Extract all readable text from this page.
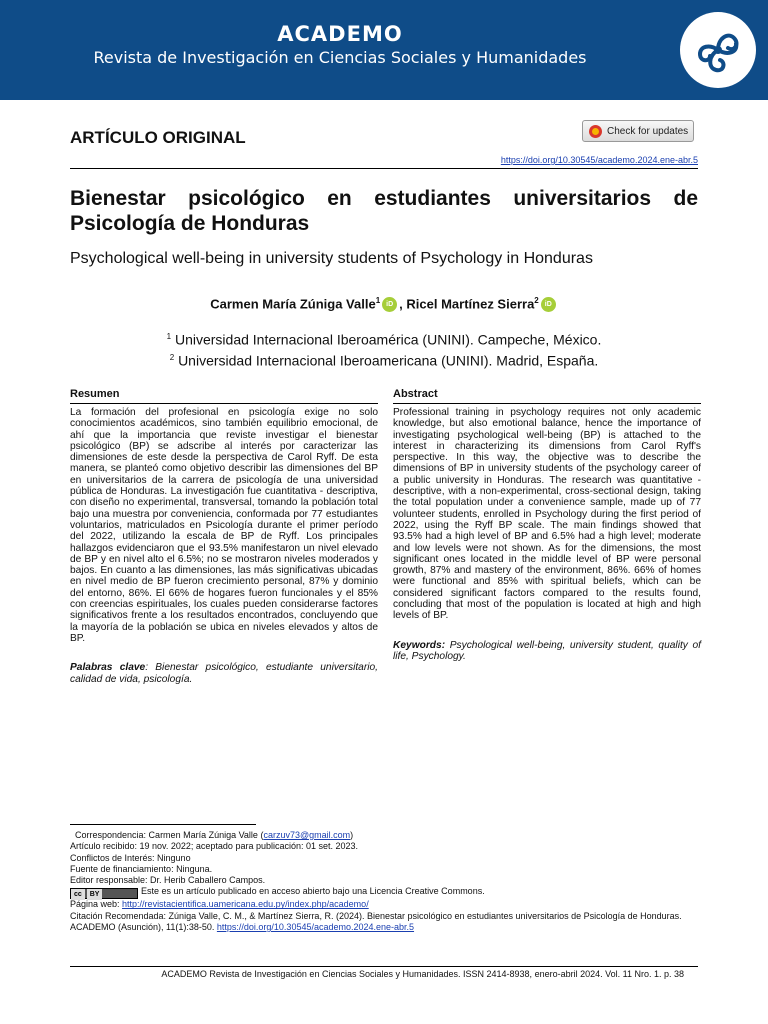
ACADEMO
Revista de Investigación en Ciencias Sociales y Humanidades
ARTÍCULO ORIGINAL	Check for updates
https://doi.org/10.30545/academo.2024.ene-abr.5
Bienestar psicológico en estudiantes universitarios de Psicología de Honduras
Psychological well-being in university students of Psychology in Honduras
Carmen María Zúniga Valle$^1$ iD , Ricel Martínez Sierra$^2$ iD
$^1$ Universidad Internacional Iberoamérica (UNINI). Campeche, México.
$^2$ Universidad Internacional Iberoamericana (UNINI). Madrid, España.
Resumen

La formación del profesional en psicología exige no solo conocimientos académicos, sino también equilibrio emocional, de ahí que la importancia que reviste investigar el bienestar psicológico (BP) se adscribe al interés por caracterizar las dimensiones de este desde la perspectiva de Carol Ryff. De esta manera, se planteó como objetivo describir las dimensiones del BP en universitarios de la carrera de psicología de una universidad pública de Honduras. La investigación fue cuantitativa - descriptiva, con diseño no experimental, transversal, tomando la población total bajo una muestra por conveniencia, conformada por 77 estudiantes voluntarios, matriculados en Psicología durante el primer período del 2022, utilizando la escala de BP de Ryff. Los principales hallazgos evidenciaron que el 93.5% manifestaron un nivel elevado de BP y en nivel alto el 6.5%; no se mostraron niveles moderados y bajos. En cuanto a las dimensiones, las más significativas ubicadas en nivel medio de BP fueron crecimiento personal, 87% y dominio del entorno, 86%. El 66% de hogares fueron funcionales y el 85% con creencias espirituales, los cuales pueden considerarse factores significativos frente a los resultados encontrados, concluyendo que la mayoría de la población se ubica en niveles elevados y altos de BP.

Palabras clave: Bienestar psicológico, estudiante universitario, calidad de vida, psicología.

Abstract

Professional training in psychology requires not only academic knowledge, but also emotional balance, hence the importance of investigating psychological well-being (BP) is attached to the interest in characterizing its dimensions from Carol Ryff's perspective. In this way, the objective was to describe the dimensions of BP in university students of the psychology career of a public university in Honduras. The research was quantitative - descriptive, with a non-experimental, cross-sectional design, taking the total population under a convenience sample, made up of 77 volunteer students, enrolled in Psychology during the first period of 2022, using the Ryff BP scale. The main findings showed that 93.5% had a high level of BP and 6.5% had a high level; moderate and low levels were not shown. As for the dimensions, the most significant ones located in the middle level of BP were personal growth, 87% and mastery of the environment, 86%. 66% of homes were functional and 85% with spiritual beliefs, which can be considered significant factors compared to the results found, concluding that most of the population is located at high and high levels of BP.

Keywords: Psychological well-being, university student, quality of life, Psychology.

Correspondencia: Carmen María Zúniga Valle (carzuv73@gmail.com)
Artículo recibido: 19 nov. 2022; aceptado para publicación: 01 set. 2023.
Conflictos de Interés: Ninguno
Fuente de financiamiento: Ninguna.
Editor responsable: Dr. Herib Caballero Campos.
cc BY	Este es un artículo publicado en acceso abierto bajo una Licencia Creative Commons.
Página web: http://revistacientifica.uamericana.edu.py/index.php/academo/
Citación Recomendada: Zúniga Valle, C. M., & Martínez Sierra, R. (2024). Bienestar psicológico en estudiantes universitarios de Psicología de Honduras. ACADEMO (Asunción), 11(1):38-50. https://doi.org/10.30545/academo.2024.ene-abr.5
ACADEMO Revista de Investigación en Ciencias Sociales y Humanidades. ISSN 2414-8938, enero-abril 2024. Vol. 11 Nro. 1. p. 38
